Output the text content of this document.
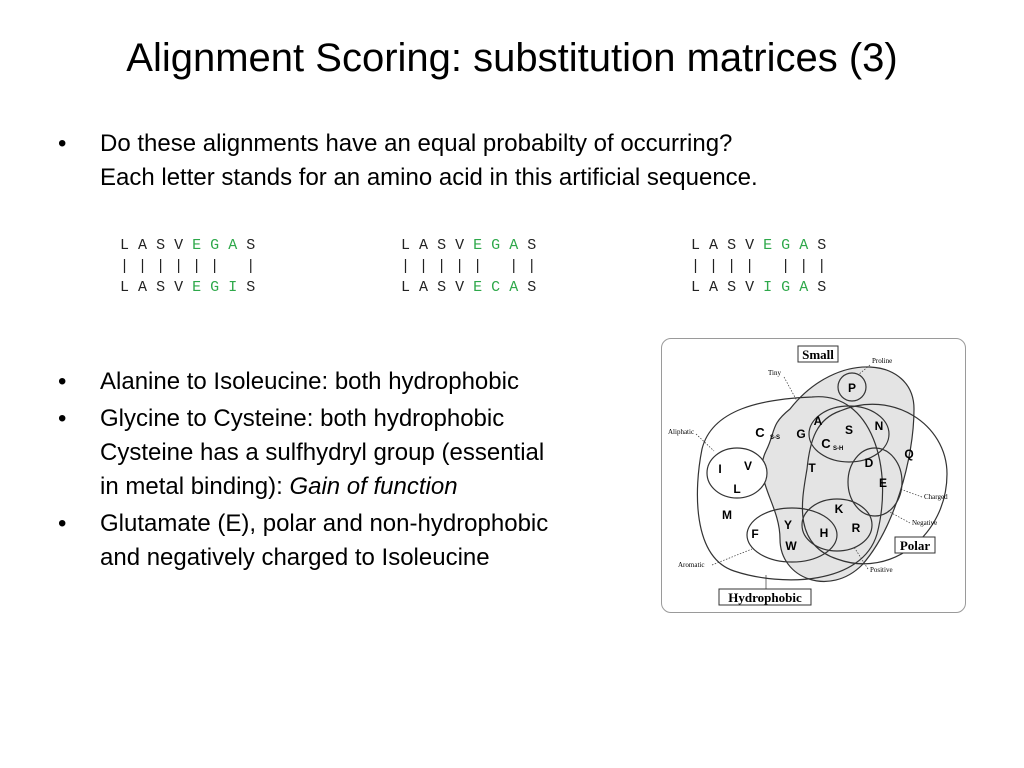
Alignment Scoring: substitution matrices (3)
• Do these alignments have an equal probabilty of occurring?
Each letter stands for an amino acid in this artificial sequence.
L A S V E G A S
| | | | | | |
L A S V E G I S
L A S V E G A S
| | | | | | |
L A S V E C A S
L A S V E G A S
| | | | | | |
L A S V I G A S
• Alanine to Isoleucine: both hydrophobic
• Glycine to Cysteine: both hydrophobic
Cysteine has a sulfhydryl group (essential
in metal binding): Gain of function
• Glutamate (E), polar and non-hydrophobic
and negatively charged to Isoleucine
Small
Polar
Hydrophobic
Tiny
Proline
Aliphatic
Charged
Negative
Positive
Aromatic
P
A
S N
C S-S G
C S-H	Q
I V	T	D
E
L
M	K
F
Y
W
H R
